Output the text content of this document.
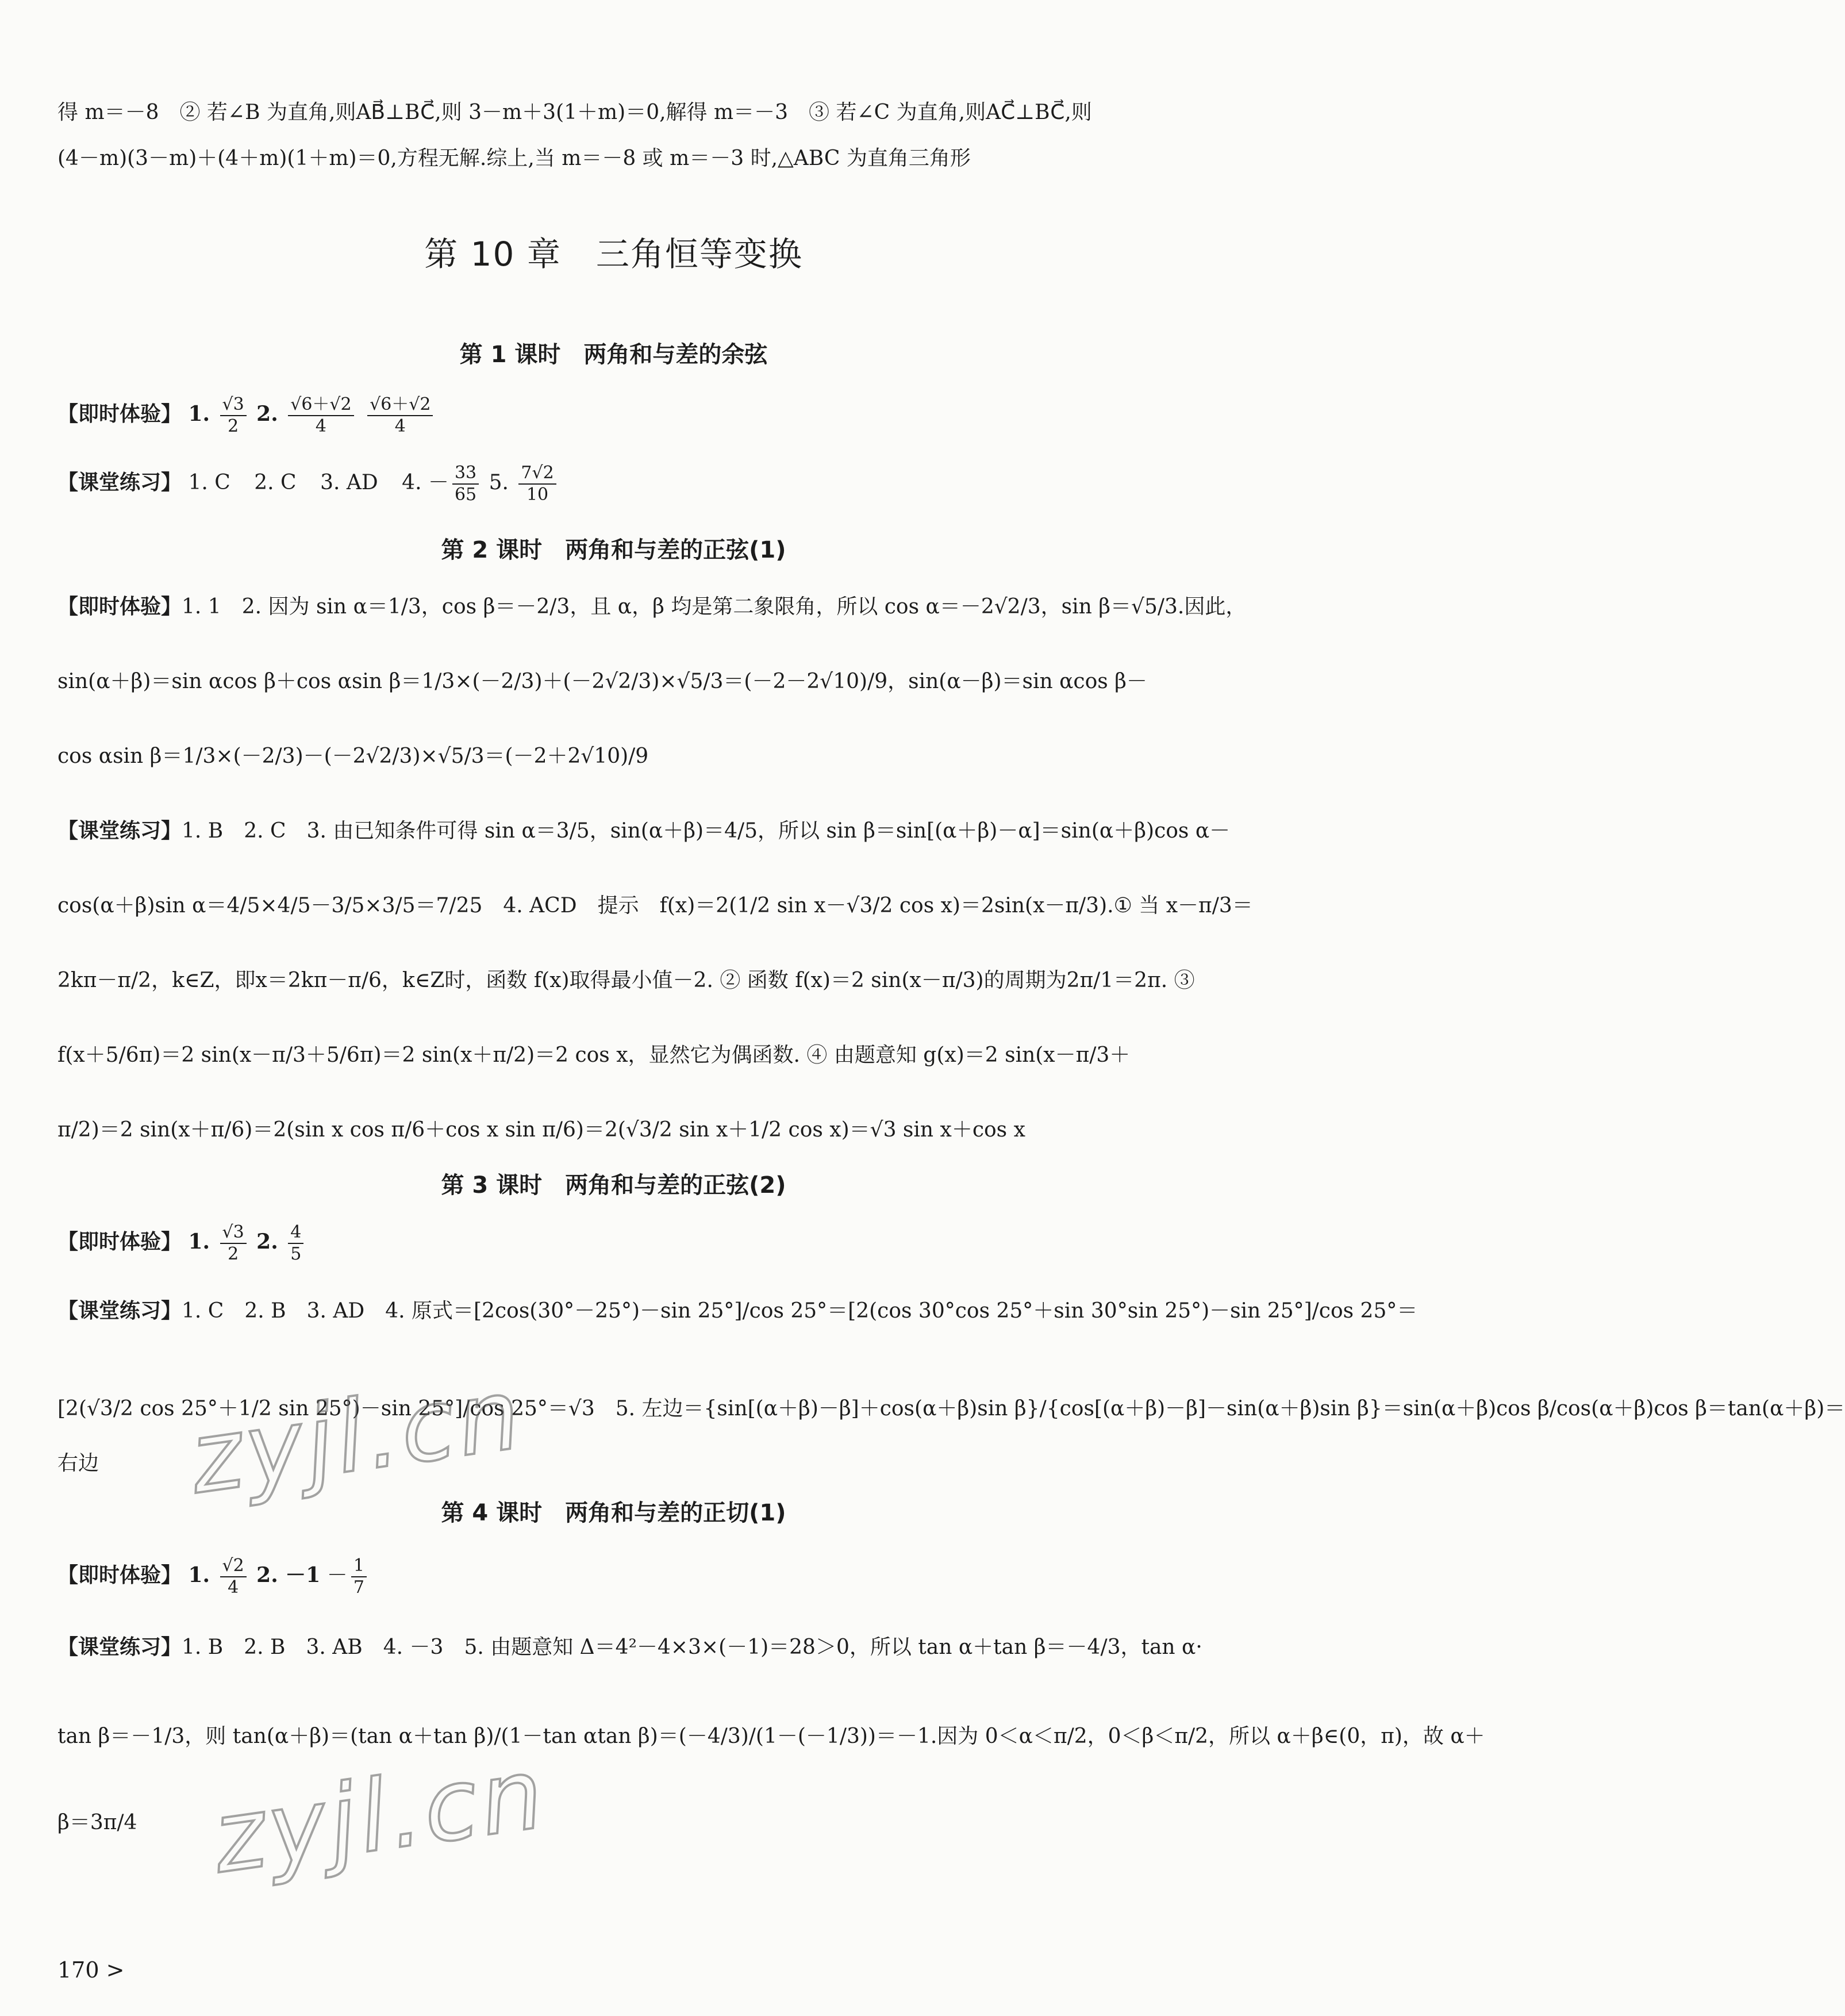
得 m＝－8　② 若∠B 为直角,则AB⃗⊥BC⃗,则 3－m＋3(1＋m)＝0,解得 m＝－3　③ 若∠C 为直角,则AC⃗⊥BC⃗,则
(4－m)(3－m)＋(4＋m)(1＋m)＝0,方程无解.综上,当 m＝－8 或 m＝－3 时,△ABC 为直角三角形
第 10 章　三角恒等变换
第 1 课时　两角和与差的余弦
【即时体验】 1. $\frac{√3}{2} 2$. $\frac{√6+√2}{4}$
$\frac{√6+√2}{4}$
【课堂练习】 1. C 2. C 3. AD 4. － $\frac{33}{65} 5$. $\frac{7√2}{10}$
第 2 课时　两角和与差的正弦(1)
【即时体验】1. 1　2. 因为 sin α＝1/3，cos β＝－2/3，且 α，β 均是第二象限角，所以 cos α＝－2√2/3，sin β＝√5/3.因此，
sin(α＋β)＝sin αcos β＋cos αsin β＝1/3×(－2/3)＋(－2√2/3)×√5/3＝(－2－2√10)/9，sin(α－β)＝sin αcos β－
cos αsin β＝1/3×(－2/3)－(－2√2/3)×√5/3＝(－2＋2√10)/9
【课堂练习】1. B　2. C　3. 由已知条件可得 sin α＝3/5，sin(α＋β)＝4/5，所以 sin β＝sin[(α＋β)－α]＝sin(α＋β)cos α－
cos(α＋β)sin α＝4/5×4/5－3/5×3/5＝7/25　4. ACD　提示　f(x)＝2(1/2 sin x－√3/2 cos x)＝2sin(x－π/3).① 当 x－π/3＝
2kπ－π/2，k∈Z，即x＝2kπ－π/6，k∈Z时，函数 f(x)取得最小值－2. ② 函数 f(x)＝2 sin(x－π/3)的周期为2π/1＝2π. ③
f(x＋5/6π)＝2 sin(x－π/3＋5/6π)＝2 sin(x＋π/2)＝2 cos x，显然它为偶函数. ④ 由题意知 g(x)＝2 sin(x－π/3＋
π/2)＝2 sin(x＋π/6)＝2(sin x cos π/6＋cos x sin π/6)＝2(√3/2 sin x＋1/2 cos x)＝√3 sin x＋cos x
第 3 课时　两角和与差的正弦(2)
【即时体验】 1. $\frac{√3}{2} 2$. $\frac{4}{5}$
【课堂练习】1. C　2. B　3. AD　4. 原式＝[2cos(30°－25°)－sin 25°]/cos 25°＝[2(cos 30°cos 25°＋sin 30°sin 25°)－sin 25°]/cos 25°＝
[2(√3/2 cos 25°＋1/2 sin 25°)－sin 25°]/cos 25°＝√3　5. 左边＝{sin[(α＋β)－β]＋cos(α＋β)sin β}/{cos[(α＋β)－β]－sin(α＋β)sin β}＝sin(α＋β)cos β/cos(α＋β)cos β＝tan(α＋β)＝
右边 zyjl.cn
第 4 课时　两角和与差的正切(1)
【即时体验】 1. $\frac{√2}{4} 2$. $-1 - \frac{1}{7}$
【课堂练习】1. B　2. B　3. AB　4. －3　5. 由题意知 Δ＝4²－4×3×(－1)＝28＞0，所以 tan α＋tan β＝－4/3，tan α·
tan β＝－1/3，则 tan(α＋β)＝(tan α＋tan β)/(1－tan αtan β)＝(－4/3)/(1－(－1/3))＝－1.因为 0＜α＜π/2，0＜β＜π/2，所以 α＋β∈(0，π)，故 α＋
β＝3π/4 zyjl.cn
170 >
